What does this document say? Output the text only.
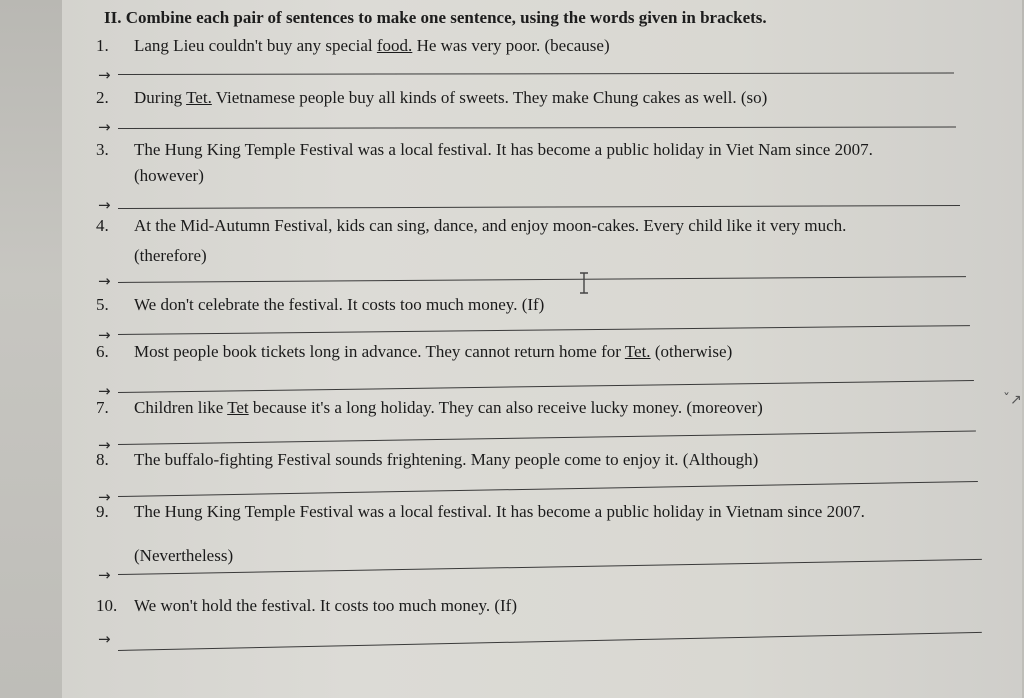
II. Combine each pair of sentences to make one sentence, using the words given in brackets.
1. Lang Lieu couldn't buy any special food. He was very poor. (because)
→
2. During Tet. Vietnamese people buy all kinds of sweets. They make Chung cakes as well. (so)
→
3. The Hung King Temple Festival was a local festival. It has become a public holiday in Viet Nam since 2007.
(however)
→
4. At the Mid-Autumn Festival, kids can sing, dance, and enjoy moon-cakes. Every child like it very much.
(therefore)
→
5. We don't celebrate the festival. It costs too much money. (If)
→
6. Most people book tickets long in advance. They cannot return home for Tet. (otherwise)
→
7. Children like Tet because it's a long holiday. They can also receive lucky money. (moreover)
→
8. The buffalo-fighting Festival sounds frightening. Many people come to enjoy it. (Although)
→
9. The Hung King Temple Festival was a local festival. It has become a public holiday in Vietnam since 2007.
(Nevertheless)
→
10. We won't hold the festival. It costs too much money. (If)
→
ˇ↗
